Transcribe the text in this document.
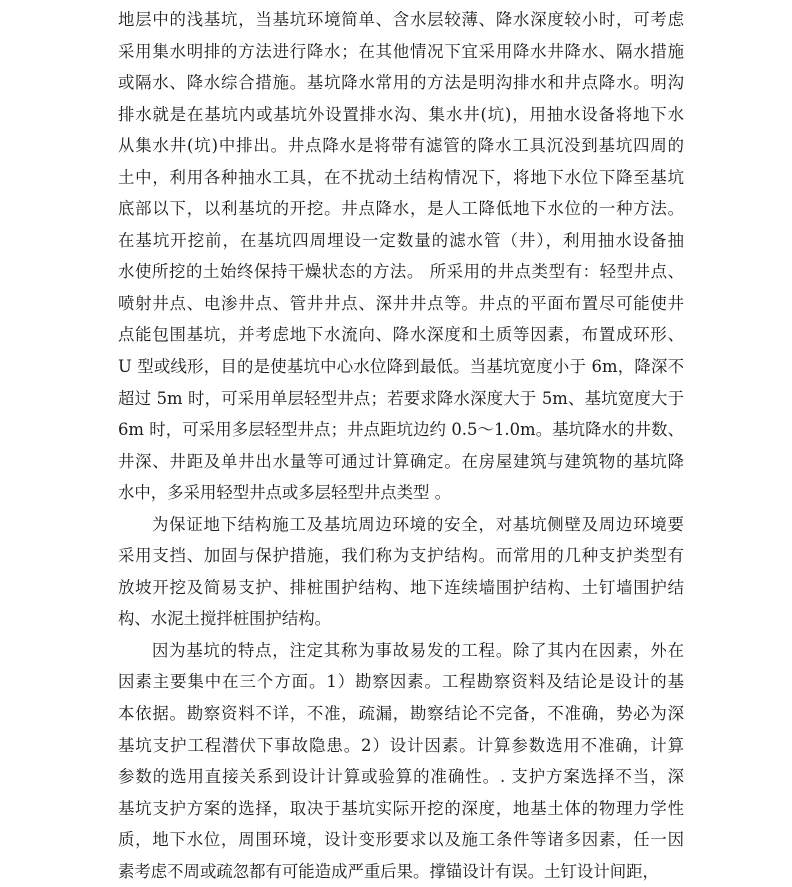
地层中的浅基坑，当基坑环境简单、含水层较薄、降水深度较小时，可考虑
采用集水明排的方法进行降水；在其他情况下宜采用降水井降水、隔水措施
或隔水、降水综合措施。基坑降水常用的方法是明沟排水和井点降水。明沟
排水就是在基坑内或基坑外设置排水沟、集水井(坑)，用抽水设备将地下水
从集水井(坑)中排出。井点降水是将带有滤管的降水工具沉没到基坑四周的
土中，利用各种抽水工具，在不扰动土结构情况下，将地下水位下降至基坑
底部以下，以利基坑的开挖。井点降水，是人工降低地下水位的一种方法。
在基坑开挖前，在基坑四周埋设一定数量的滤水管（井），利用抽水设备抽
水使所挖的土始终保持干燥状态的方法。 所采用的井点类型有：轻型井点、
喷射井点、电渗井点、管井井点、深井井点等。井点的平面布置尽可能使井
点能包围基坑，并考虑地下水流向、降水深度和土质等因素，布置成环形、
U 型或线形，目的是使基坑中心水位降到最低。当基坑宽度小于 6m，降深不
超过 5m 时，可采用单层轻型井点；若要求降水深度大于 5m、基坑宽度大于
6m 时，可采用多层轻型井点；井点距坑边约 0.5～1.0m。基坑降水的井数、
井深、井距及单井出水量等可通过计算确定。在房屋建筑与建筑物的基坑降
水中，多采用轻型井点或多层轻型井点类型 。
为保证地下结构施工及基坑周边环境的安全，对基坑侧壁及周边环境要
采用支挡、加固与保护措施，我们称为支护结构。而常用的几种支护类型有
放坡开挖及简易支护、排桩围护结构、地下连续墙围护结构、土钉墙围护结
构、水泥土搅拌桩围护结构。
因为基坑的特点，注定其称为事故易发的工程。除了其内在因素，外在
因素主要集中在三个方面。1）勘察因素。工程勘察资料及结论是设计的基
本依据。勘察资料不详，不准，疏漏，勘察结论不完备，不准确，势必为深
基坑支护工程潜伏下事故隐患。2）设计因素。计算参数选用不准确，计算
参数的选用直接关系到设计计算或验算的准确性。. 支护方案选择不当，深
基坑支护方案的选择，取决于基坑实际开挖的深度，地基土体的物理力学性
质，地下水位，周围环境，设计变形要求以及施工条件等诸多因素，任一因
素考虑不周或疏忽都有可能造成严重后果。撑锚设计有误。土钉设计间距，
